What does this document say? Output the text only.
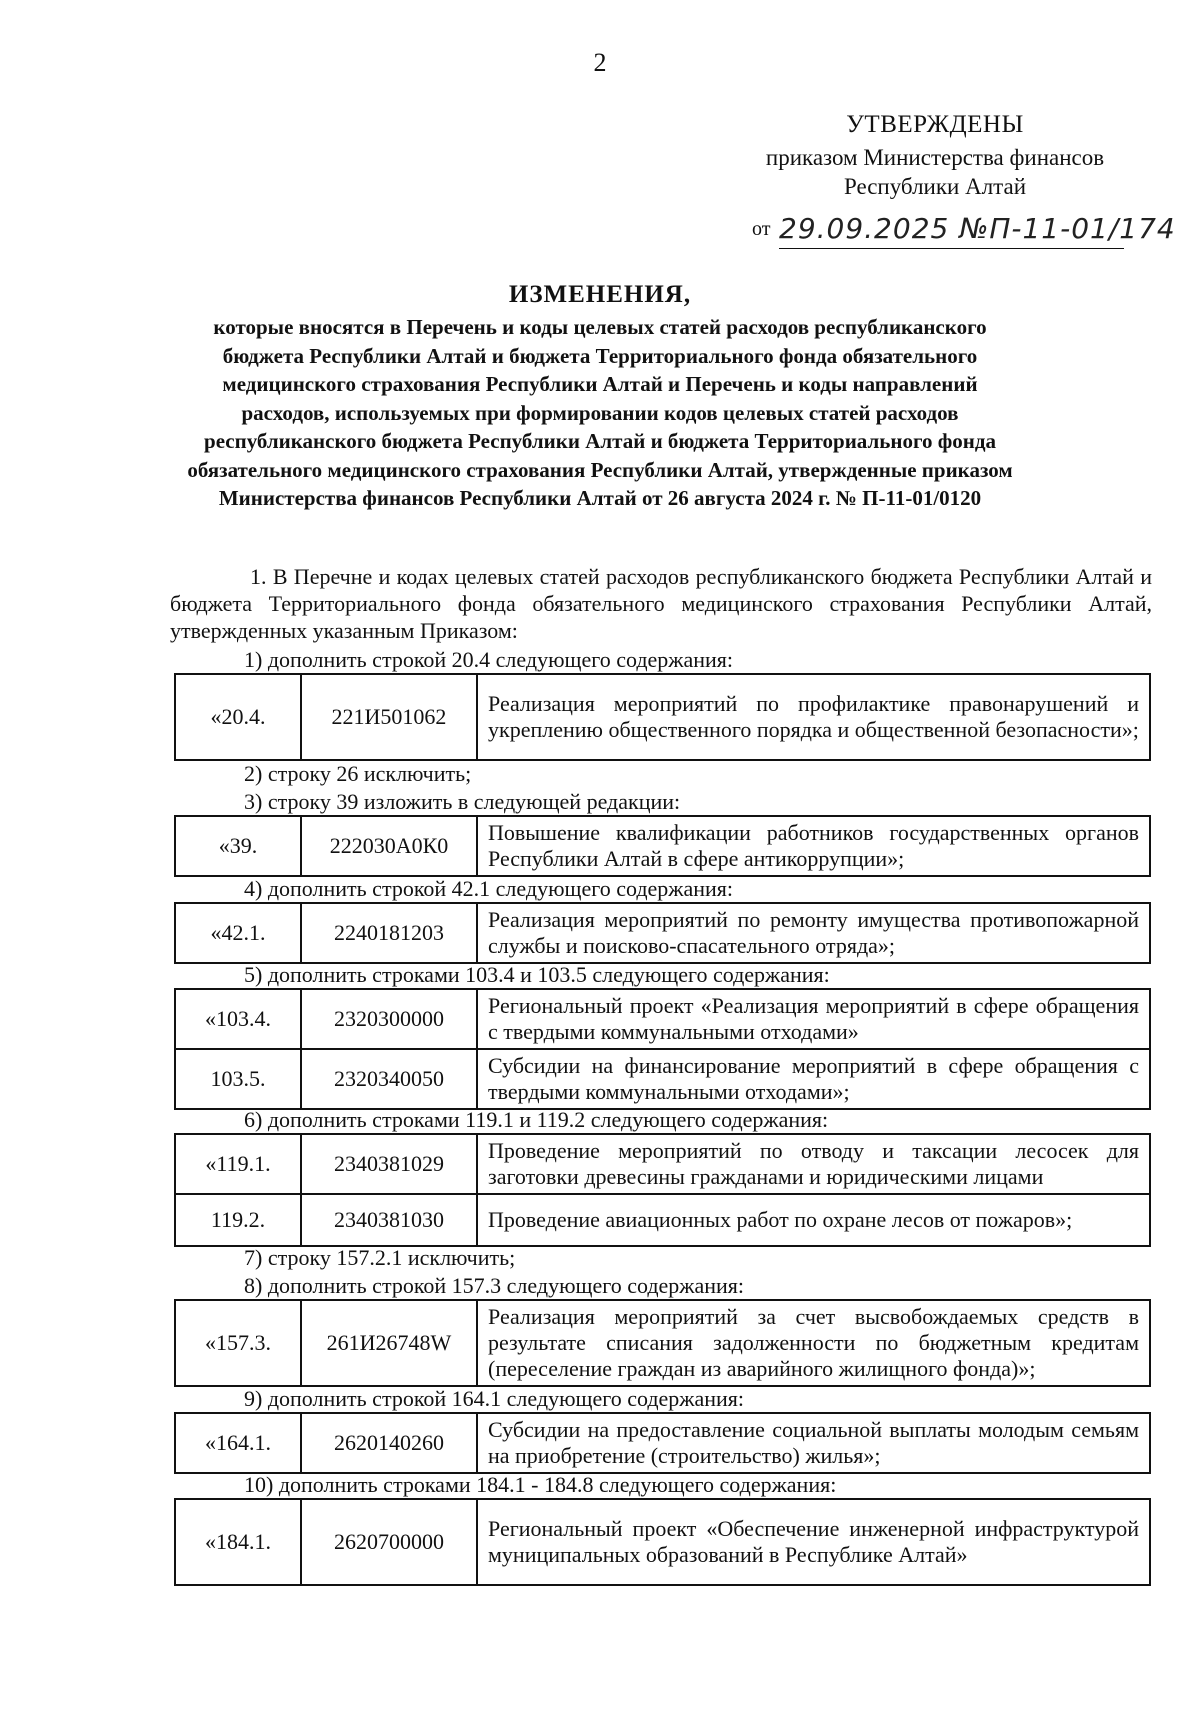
2
УТВЕРЖДЕНЫ
приказом Министерства финансов
Республики Алтай
от 29.09.2025 №П-11-01/174
ИЗМЕНЕНИЯ,
которые вносятся в Перечень и коды целевых статей расходов республиканского бюджета Республики Алтай и бюджета Территориального фонда обязательного медицинского страхования Республики Алтай и Перечень и коды направлений расходов, используемых при формировании кодов целевых статей расходов республиканского бюджета Республики Алтай и бюджета Территориального фонда обязательного медицинского страхования Республики Алтай, утвержденные приказом Министерства финансов Республики Алтай от 26 августа 2024 г. № П-11-01/0120
1. В Перечне и кодах целевых статей расходов республиканского бюджета Республики Алтай и бюджета Территориального фонда обязательного медицинского страхования Республики Алтай, утвержденных указанным Приказом:
1) дополнить строкой 20.4 следующего содержания:
«20.4.	221И501062	Реализация мероприятий по профилактике правонарушений и укреплению общественного порядка и общественной безопасности»;
2) строку 26 исключить;
3) строку 39 изложить в следующей редакции:
«39.	222030А0К0	Повышение квалификации работников государственных органов Республики Алтай в сфере антикоррупции»;
4) дополнить строкой 42.1 следующего содержания:
«42.1.	2240181203	Реализация мероприятий по ремонту имущества противопожарной службы и поисково-спасательного отряда»;
5) дополнить строками 103.4 и 103.5 следующего содержания:
«103.4.	2320300000	Региональный проект «Реализация мероприятий в сфере обращения с твердыми коммунальными отходами»
103.5.	2320340050	Субсидии на финансирование мероприятий в сфере обращения с твердыми коммунальными отходами»;
6) дополнить строками 119.1 и 119.2 следующего содержания:
«119.1.	2340381029	Проведение мероприятий по отводу и таксации лесосек для заготовки древесины гражданами и юридическими лицами
119.2.	2340381030	Проведение авиационных работ по охране лесов от пожаров»;
7) строку 157.2.1 исключить;
8) дополнить строкой 157.3 следующего содержания:
«157.3.	261И26748W	Реализация мероприятий за счет высвобождаемых средств в результате списания задолженности по бюджетным кредитам (переселение граждан из аварийного жилищного фонда)»;
9) дополнить строкой 164.1 следующего содержания:
«164.1.	2620140260	Субсидии на предоставление социальной выплаты молодым семьям на приобретение (строительство) жилья»;
10) дополнить строками 184.1 - 184.8 следующего содержания:
«184.1.	2620700000	Региональный проект «Обеспечение инженерной инфраструктурой муниципальных образований в Республике Алтай»
